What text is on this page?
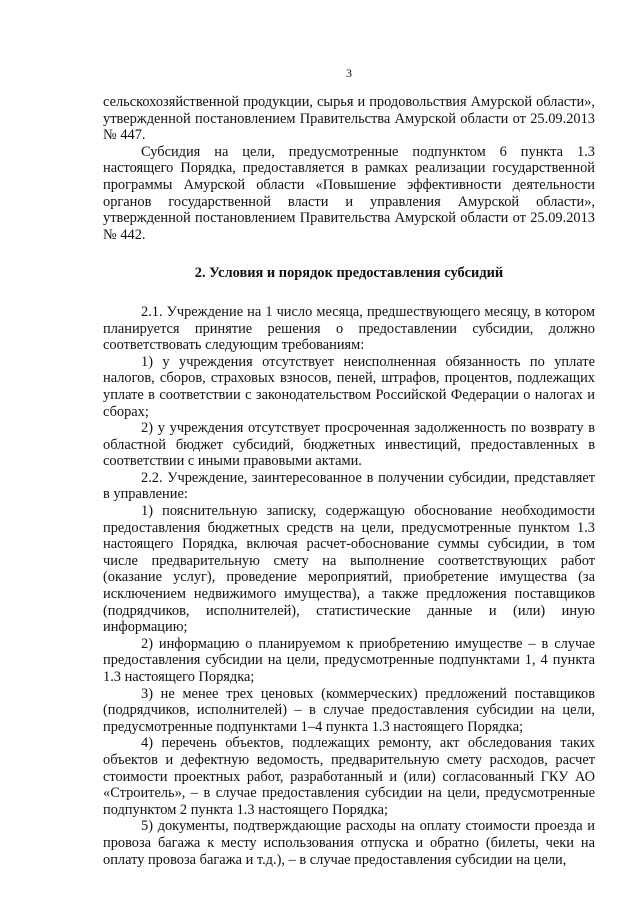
3

сельскохозяйственной продукции, сырья и продовольствия Амурской области», утвержденной постановлением Правительства Амурской области от 25.09.2013 № 447.

Субсидия на цели, предусмотренные подпунктом 6 пункта 1.3 настоящего Порядка, предоставляется в рамках реализации государственной программы Амурской области «Повышение эффективности деятельности органов государственной власти и управления Амурской области», утвержденной постановлением Правительства Амурской области от 25.09.2013 № 442.

2. Условия и порядок предоставления субсидий

2.1. Учреждение на 1 число месяца, предшествующего месяцу, в котором планируется принятие решения о предоставлении субсидии, должно соответствовать следующим требованиям:

1) у учреждения отсутствует неисполненная обязанность по уплате налогов, сборов, страховых взносов, пеней, штрафов, процентов, подлежащих уплате в соответствии с законодательством Российской Федерации о налогах и сборах;

2) у учреждения отсутствует просроченная задолженность по возврату в областной бюджет субсидий, бюджетных инвестиций, предоставленных в соответствии с иными правовыми актами.

2.2. Учреждение, заинтересованное в получении субсидии, представляет в управление:

1) пояснительную записку, содержащую обоснование необходимости предоставления бюджетных средств на цели, предусмотренные пунктом 1.3 настоящего Порядка, включая расчет-обоснование суммы субсидии, в том числе предварительную смету на выполнение соответствующих работ (оказание услуг), проведение мероприятий, приобретение имущества (за исключением недвижимого имущества), а также предложения поставщиков (подрядчиков, исполнителей), статистические данные и (или) иную информацию;

2) информацию о планируемом к приобретению имуществе – в случае предоставления субсидии на цели, предусмотренные подпунктами 1, 4 пункта 1.3 настоящего Порядка;

3) не менее трех ценовых (коммерческих) предложений поставщиков (подрядчиков, исполнителей) – в случае предоставления субсидии на цели, предусмотренные подпунктами 1–4 пункта 1.3 настоящего Порядка;

4) перечень объектов, подлежащих ремонту, акт обследования таких объектов и дефектную ведомость, предварительную смету расходов, расчет стоимости проектных работ, разработанный и (или) согласованный ГКУ АО «Строитель», – в случае предоставления субсидии на цели, предусмотренные подпунктом 2 пункта 1.3 настоящего Порядка;

5) документы, подтверждающие расходы на оплату стоимости проезда и провоза багажа к месту использования отпуска и обратно (билеты, чеки на оплату провоза багажа и т.д.), – в случае предоставления субсидии на цели,
